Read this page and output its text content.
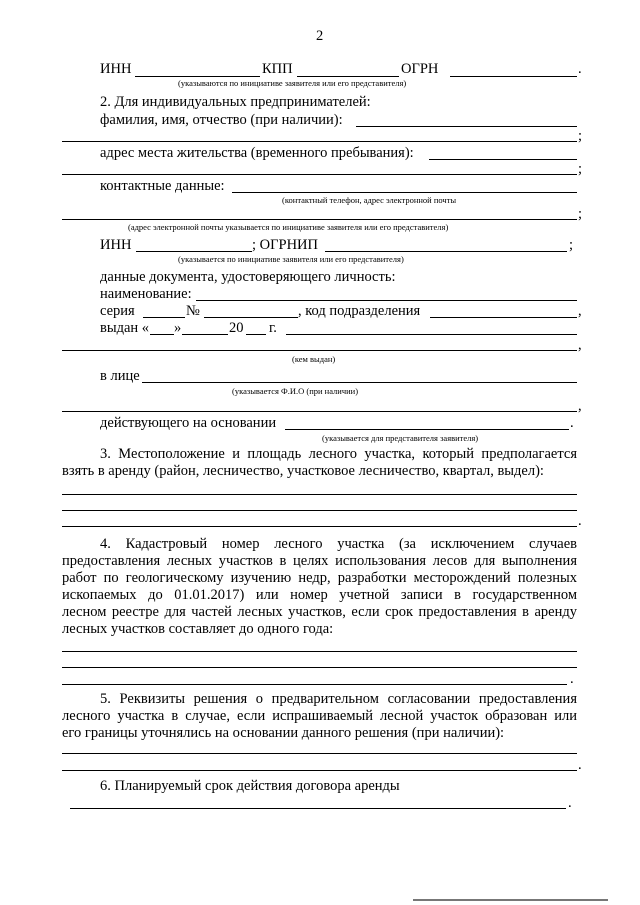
2
ИНН	КПП	ОГРН	.
(указываются по инициативе заявителя или его представителя)
2. Для индивидуальных предпринимателей:
фамилия, имя, отчество (при наличии):
;
адрес места жительства (временного пребывания):
;
контактные данные:
(контактный телефон, адрес электронной почты
;
(адрес электронной почты указывается по инициативе заявителя или его представителя)
ИНН	; ОГРНИП	;
(указывается по инициативе заявителя или его представителя)
данные документа, удостоверяющего личность:
наименование:
серия	№	, код подразделения	,
выдан « »	20 г.
,
(кем выдан)
в лице
(указывается Ф.И.О (при наличии)
,
действующего на основании	.
(указывается для представителя заявителя)
3. Местоположение и площадь лесного участка, который предполагается
взять в аренду (район, лесничество, участковое лесничество, квартал, выдел):
.
4. Кадастровый номер лесного участка (за исключением случаев
предоставления лесных участков в целях использования лесов для выполнения
работ по геологическому изучению недр, разработки месторождений полезных
ископаемых до 01.01.2017) или номер учетной записи в государственном
лесном реестре для частей лесных участков, если срок предоставления в аренду
лесных участков составляет до одного года:
.
5. Реквизиты решения о предварительном согласовании предоставления
лесного участка в случае, если испрашиваемый лесной участок образован или
его границы уточнялись на основании данного решения (при наличии):
.
6. Планируемый срок действия договора аренды
.
